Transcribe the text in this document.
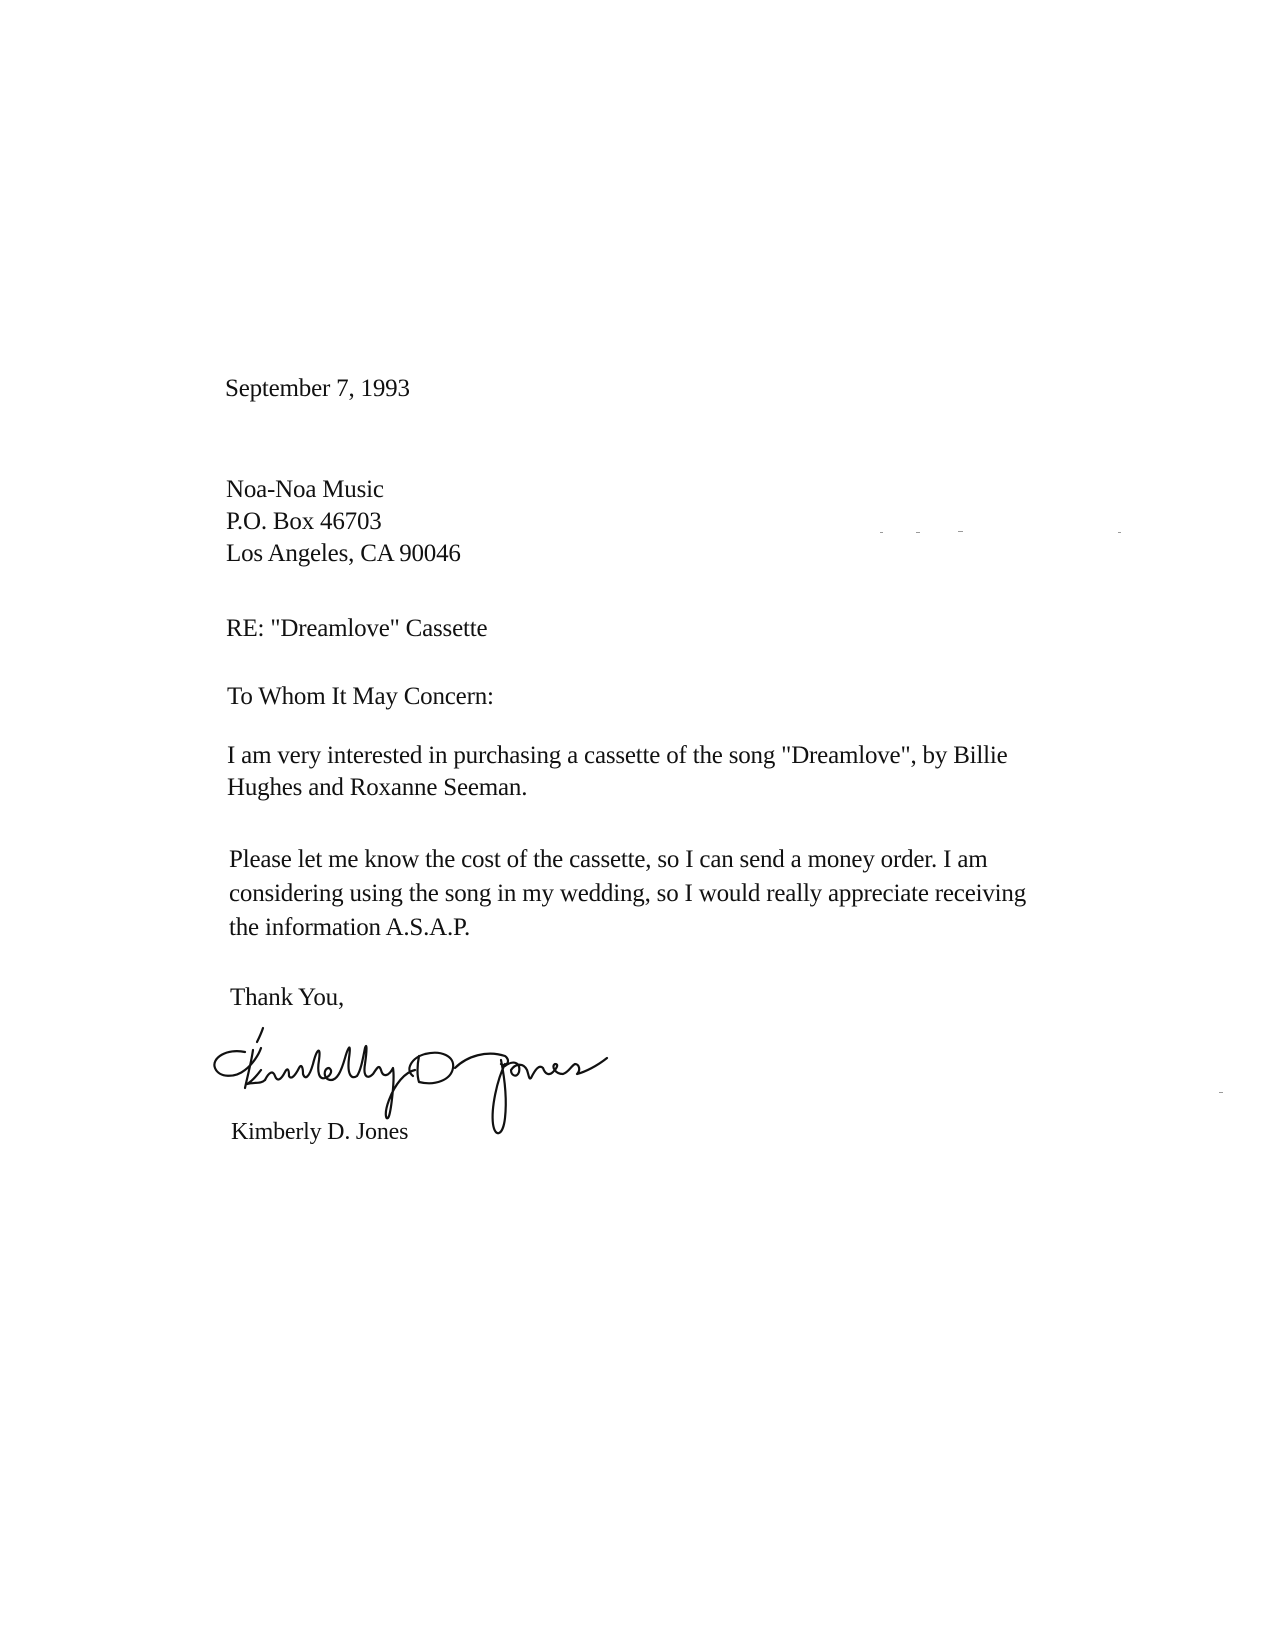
September 7, 1993
Noa-Noa Music
P.O. Box 46703
Los Angeles, CA 90046
RE: "Dreamlove" Cassette
To Whom It May Concern:
I am very interested in purchasing a cassette of the song "Dreamlove", by Billie
Hughes and Roxanne Seeman.
Please let me know the cost of the cassette, so I can send a money order. I am
considering using the song in my wedding, so I would really appreciate receiving
the information A.S.A.P.
Thank You,
Kimberly D. Jones
